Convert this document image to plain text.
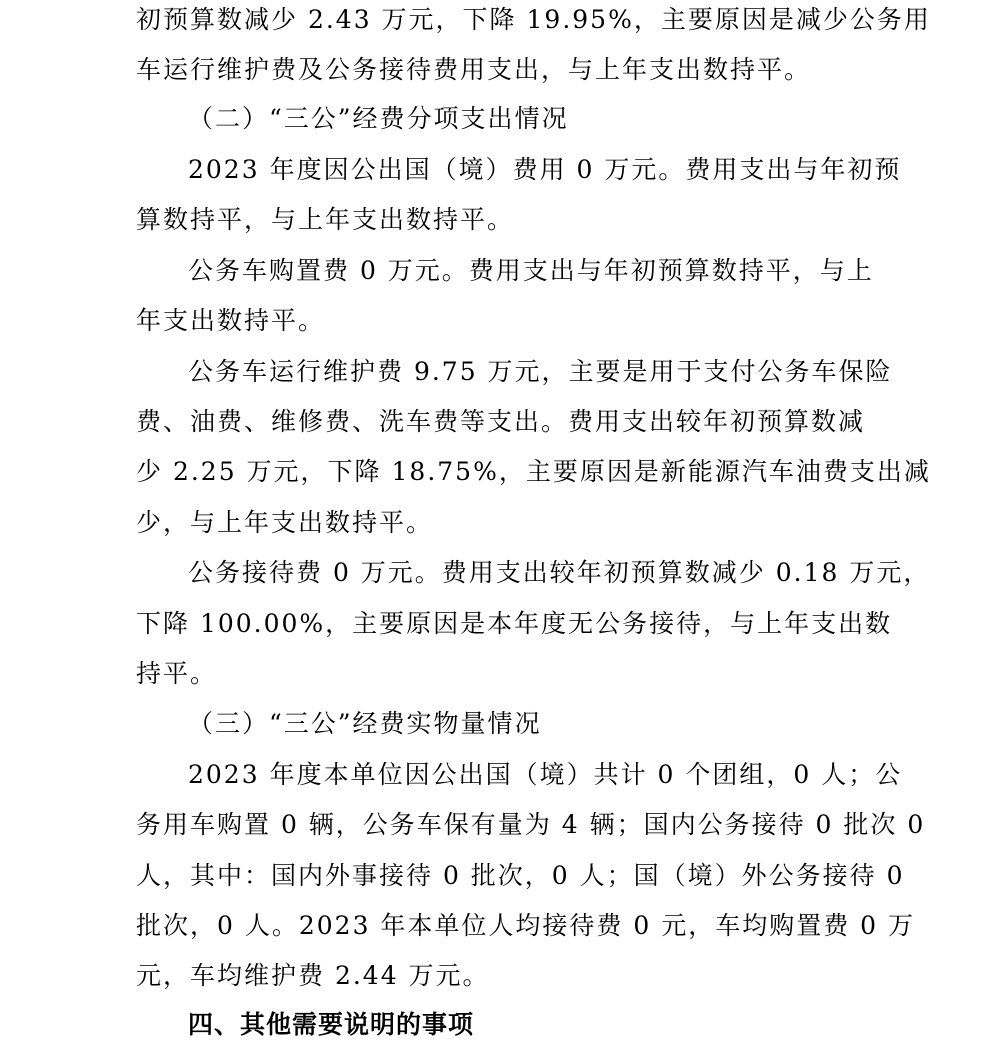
初预算数减少 2.43 万元，下降 19.95%，主要原因是减少公务用
车运行维护费及公务接待费用支出，与上年支出数持平。
（二）“三公”经费分项支出情况
2023 年度因公出国（境）费用 0 万元。费用支出与年初预
算数持平，与上年支出数持平。
公务车购置费 0 万元。费用支出与年初预算数持平，与上
年支出数持平。
公务车运行维护费 9.75 万元，主要是用于支付公务车保险
费、油费、维修费、洗车费等支出。费用支出较年初预算数减
少 2.25 万元，下降 18.75%，主要原因是新能源汽车油费支出减
少，与上年支出数持平。
公务接待费 0 万元。费用支出较年初预算数减少 0.18 万元，
下降 100.00%，主要原因是本年度无公务接待，与上年支出数
持平。
（三）“三公”经费实物量情况
2023 年度本单位因公出国（境）共计 0 个团组，0 人；公
务用车购置 0 辆，公务车保有量为 4 辆；国内公务接待 0 批次 0
人，其中：国内外事接待 0 批次，0 人；国（境）外公务接待 0
批次，0 人。2023 年本单位人均接待费 0 元，车均购置费 0 万
元，车均维护费 2.44 万元。
四、其他需要说明的事项
